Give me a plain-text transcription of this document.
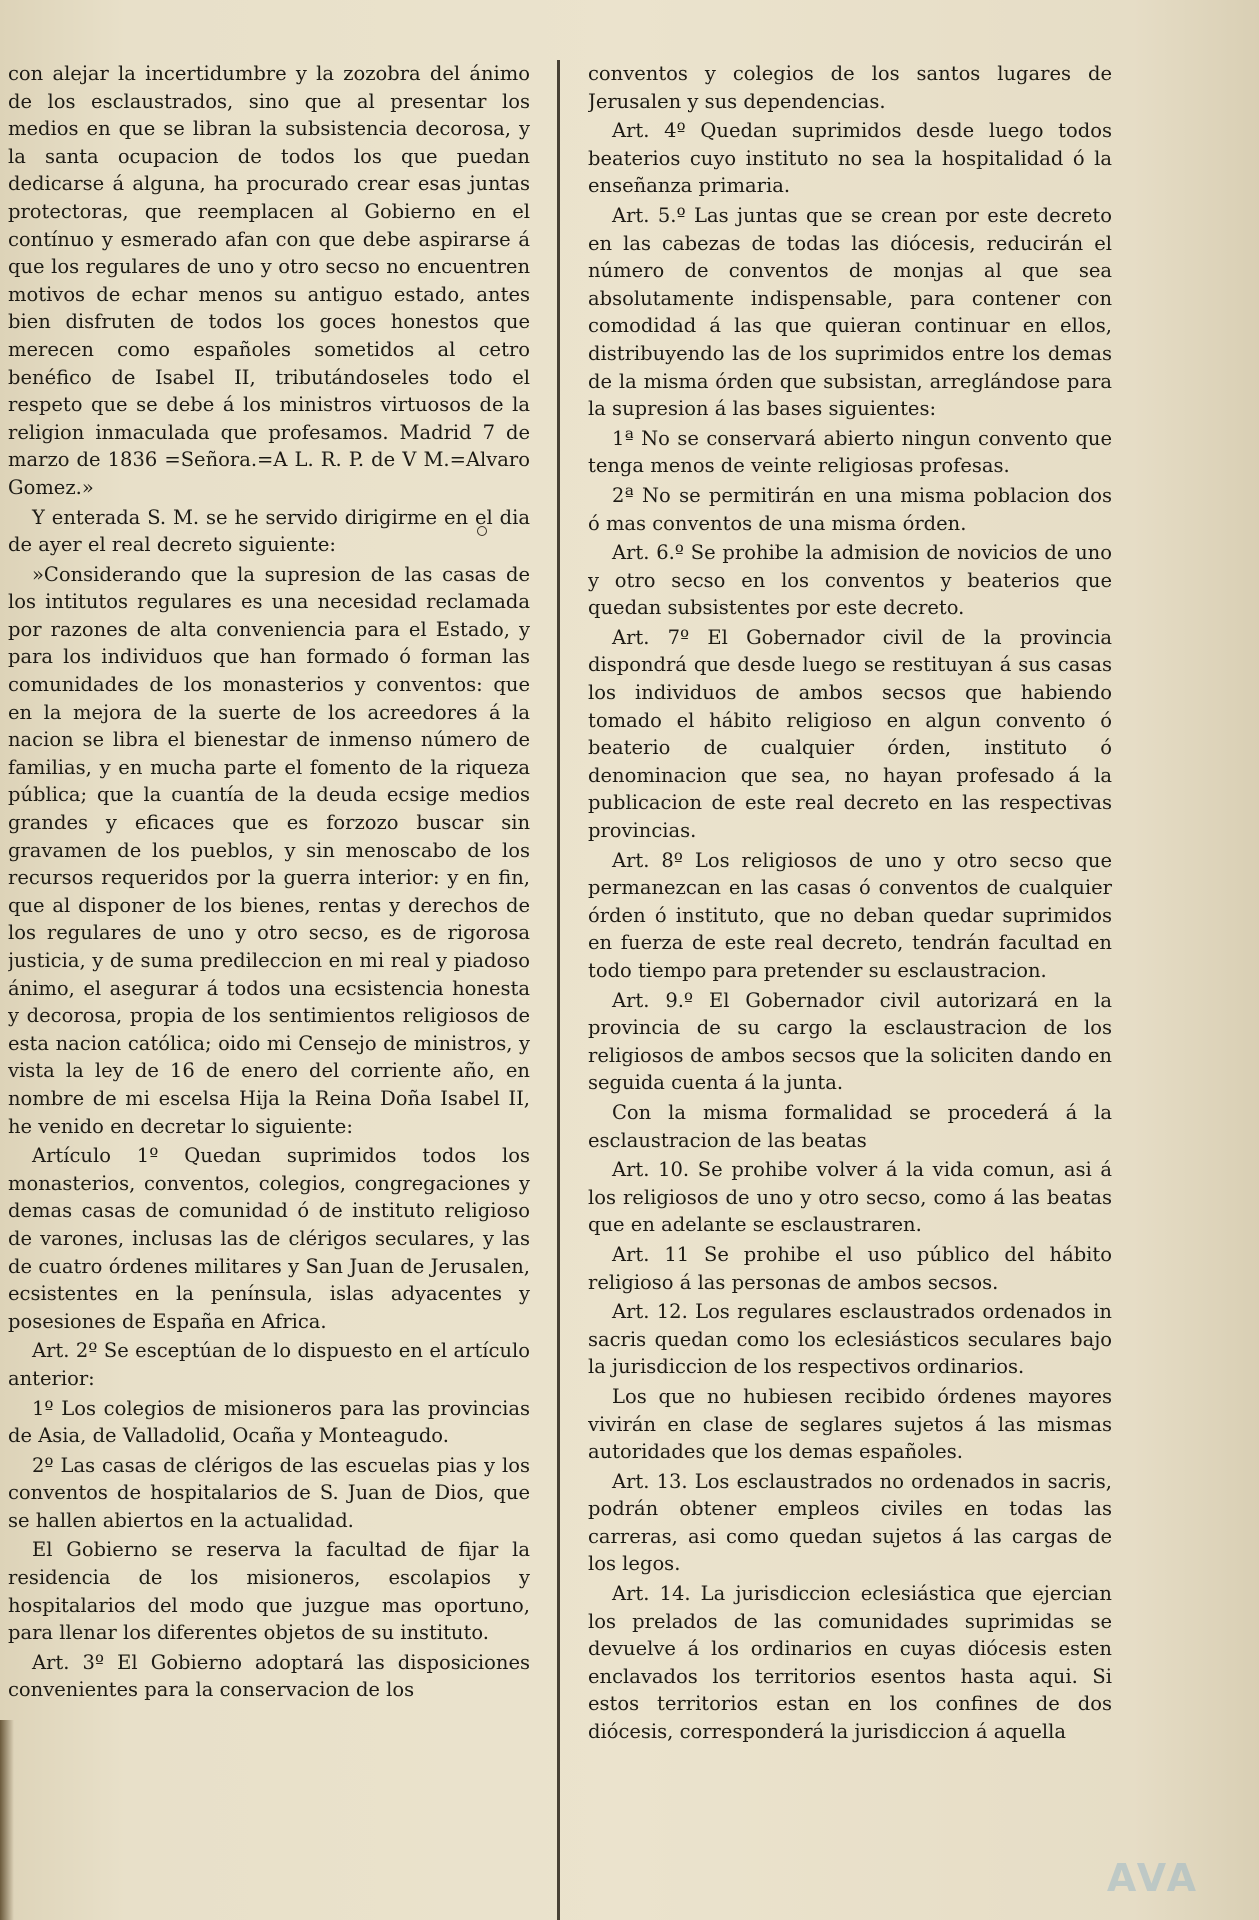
con alejar la incertidumbre y la zozobra del ánimo de los esclaustrados, sino que al presentar los medios en que se libran la subsistencia decorosa, y la santa ocupacion de todos los que puedan dedicarse á alguna, ha procurado crear esas juntas protectoras, que reemplacen al Gobierno en el contínuo y esmerado afan con que debe aspirarse á que los regulares de uno y otro secso no encuentren motivos de echar menos su antiguo estado, antes bien disfruten de todos los goces honestos que merecen como españoles sometidos al cetro benéfico de Isabel II, tributándoseles todo el respeto que se debe á los ministros virtuosos de la religion inmaculada que profesamos. Madrid 7 de marzo de 1836 =Señora.=A L. R. P. de V M.=Alvaro Gomez.»

Y enterada S. M. se he servido dirigirme en el dia de ayer el real decreto siguiente:

»Considerando que la supresion de las casas de los intitutos regulares es una necesidad reclamada por razones de alta conveniencia para el Estado, y para los individuos que han formado ó forman las comunidades de los monasterios y conventos: que en la mejora de la suerte de los acreedores á la nacion se libra el bienestar de inmenso número de familias, y en mucha parte el fomento de la riqueza pública; que la cuantía de la deuda ecsige medios grandes y eficaces que es forzozo buscar sin gravamen de los pueblos, y sin menoscabo de los recursos requeridos por la guerra interior: y en fin, que al disponer de los bienes, rentas y derechos de los regulares de uno y otro secso, es de rigorosa justicia, y de suma predileccion en mi real y piadoso ánimo, el asegurar á todos una ecsistencia honesta y decorosa, propia de los sentimientos religiosos de esta nacion católica; oido mi Censejo de ministros, y vista la ley de 16 de enero del corriente año, en nombre de mi escelsa Hija la Reina Doña Isabel II, he venido en decretar lo siguiente:

Artículo 1º Quedan suprimidos todos los monasterios, conventos, colegios, congregaciones y demas casas de comunidad ó de instituto religioso de varones, inclusas las de clérigos seculares, y las de cuatro órdenes militares y San Juan de Jerusalen, ecsistentes en la península, islas adyacentes y posesiones de España en Africa.

Art. 2º Se esceptúan de lo dispuesto en el artículo anterior:

1º Los colegios de misioneros para las provincias de Asia, de Valladolid, Ocaña y Monteagudo.

2º Las casas de clérigos de las escuelas pias y los conventos de hospitalarios de S. Juan de Dios, que se hallen abiertos en la actualidad.

El Gobierno se reserva la facultad de fijar la residencia de los misioneros, escolapios y hospitalarios del modo que juzgue mas oportuno, para llenar los diferentes objetos de su instituto.

Art. 3º El Gobierno adoptará las disposiciones convenientes para la conservacion de los

conventos y colegios de los santos lugares de Jerusalen y sus dependencias.

Art. 4º Quedan suprimidos desde luego todos beaterios cuyo instituto no sea la hospitalidad ó la enseñanza primaria.

Art. 5.º Las juntas que se crean por este decreto en las cabezas de todas las diócesis, reducirán el número de conventos de monjas al que sea absolutamente indispensable, para contener con comodidad á las que quieran continuar en ellos, distribuyendo las de los suprimidos entre los demas de la misma órden que subsistan, arreglándose para la supresion á las bases siguientes:

1ª No se conservará abierto ningun convento que tenga menos de veinte religiosas profesas.

2ª No se permitirán en una misma poblacion dos ó mas conventos de una misma órden.

Art. 6.º Se prohibe la admision de novicios de uno y otro secso en los conventos y beaterios que quedan subsistentes por este decreto.

Art. 7º El Gobernador civil de la provincia dispondrá que desde luego se restituyan á sus casas los individuos de ambos secsos que habiendo tomado el hábito religioso en algun convento ó beaterio de cualquier órden, instituto ó denominacion que sea, no hayan profesado á la publicacion de este real decreto en las respectivas provincias.

Art. 8º Los religiosos de uno y otro secso que permanezcan en las casas ó conventos de cualquier órden ó instituto, que no deban quedar suprimidos en fuerza de este real decreto, tendrán facultad en todo tiempo para pretender su esclaustracion.

Art. 9.º El Gobernador civil autorizará en la provincia de su cargo la esclaustracion de los religiosos de ambos secsos que la soliciten dando en seguida cuenta á la junta.

Con la misma formalidad se procederá á la esclaustracion de las beatas

Art. 10. Se prohibe volver á la vida comun, asi á los religiosos de uno y otro secso, como á las beatas que en adelante se esclaustraren.

Art. 11 Se prohibe el uso público del hábito religioso á las personas de ambos secsos.

Art. 12. Los regulares esclaustrados ordenados in sacris quedan como los eclesiásticos seculares bajo la jurisdiccion de los respectivos ordinarios.

Los que no hubiesen recibido órdenes mayores vivirán en clase de seglares sujetos á las mismas autoridades que los demas españoles.

Art. 13. Los esclaustrados no ordenados in sacris, podrán obtener empleos civiles en todas las carreras, asi como quedan sujetos á las cargas de los legos.

Art. 14. La jurisdiccion eclesiástica que ejercian los prelados de las comunidades suprimidas se devuelve á los ordinarios en cuyas diócesis esten enclavados los territorios esentos hasta aqui. Si estos territorios estan en los confines de dos diócesis, corresponderá la jurisdiccion á aquella

AVA
